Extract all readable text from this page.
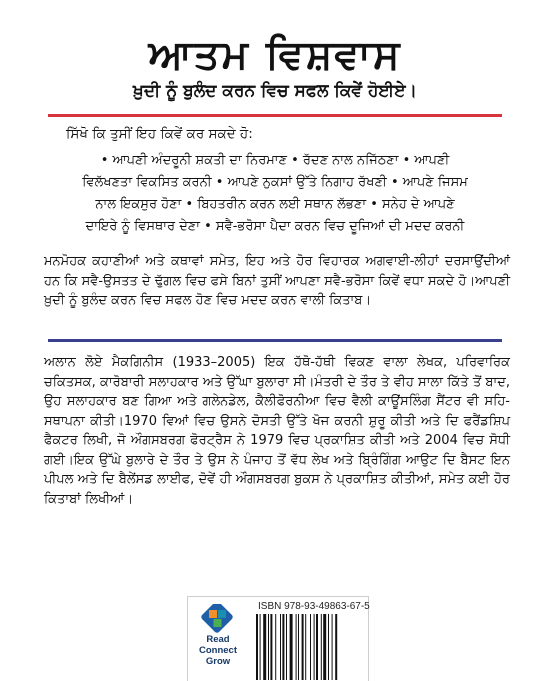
ਆਤਮ ਵਿਸ਼ਵਾਸ
ਖ਼ੁਦੀ ਨੂੰ ਬੁਲੰਦ ਕਰਨ ਵਿਚ ਸਫਲ ਕਿਵੇਂ ਹੋਈਏ।
ਸਿੱਖੋ ਕਿ ਤੁਸੀਂ ਇਹ ਕਿਵੇਂ ਕਰ ਸਕਦੇ ਹੋ:
• ਆਪਣੀ ਅੰਦਰੂਨੀ ਸ਼ਕਤੀ ਦਾ ਨਿਰਮਾਣ • ਰੱਦਣ ਨਾਲ ਨਜਿੱਠਣਾ • ਆਪਣੀ
ਵਿਲੱਖਣਤਾ ਵਿਕਸਿਤ ਕਰਨੀ • ਆਪਣੇ ਨੁਕਸਾਂ ਉੱਤੇ ਨਿਗਾਹ ਰੱਖਣੀ • ਆਪਣੇ ਜਿਸਮ
ਨਾਲ ਇਕਸੁਰ ਹੋਣਾ • ਬਿਹਤਰੀਨ ਕਰਨ ਲਈ ਸਥਾਨ ਲੱਭਣਾ • ਸਨੇਹ ਦੇ ਆਪਣੇ
ਦਾਇਰੇ ਨੂੰ ਵਿਸਥਾਰ ਦੇਣਾ • ਸਵੈ-ਭਰੋਸਾ ਪੈਦਾ ਕਰਨ ਵਿਚ ਦੂਜਿਆਂ ਦੀ ਮਦਦ ਕਰਨੀ
ਮਨਮੋਹਕ ਕਹਾਣੀਆਂ ਅਤੇ ਕਥਾਵਾਂ ਸਮੇਤ, ਇਹ ਅਤੇ ਹੋਰ ਵਿਹਾਰਕ ਅਗਵਾਈ-ਲੀਹਾਂ ਦਰਸਾਉਂਦੀਆਂ ਹਨ ਕਿ ਸਵੈ-ਉਸਤਤ ਦੇ ਢੁੱਗਲ ਵਿਚ ਫਸੇ ਬਿਨਾਂ ਤੁਸੀਂ ਆਪਣਾ ਸਵੈ-ਭਰੋਸਾ ਕਿਵੇਂ ਵਧਾ ਸਕਦੇ ਹੋ।ਆਪਣੀ ਖ਼ੁਦੀ ਨੂੰ ਬੁਲੰਦ ਕਰਨ ਵਿਚ ਸਫਲ ਹੋਣ ਵਿਚ ਮਦਦ ਕਰਨ ਵਾਲੀ ਕਿਤਾਬ।
ਅਲਾਨ ਲੋਏ ਮੈਕਗਿਨੀਸ (1933–2005) ਇਕ ਹੱਥੋ-ਹੱਥੀ ਵਿਕਣ ਵਾਲਾ ਲੇਖਕ, ਪਰਿਵਾਰਿਕ ਚਕਿਤਸਕ, ਕਾਰੋਬਾਰੀ ਸਲਾਹਕਾਰ ਅਤੇ ਉੱਘਾ ਬੁਲਾਰਾ ਸੀ।ਮੰਤਰੀ ਦੇ ਤੌਰ ਤੇ ਵੀਹ ਸਾਲਾ ਕਿੱਤੇ ਤੋਂ ਬਾਦ, ਉਹ ਸਲਾਹਕਾਰ ਬਣ ਗਿਆ ਅਤੇ ਗਲੇਨਡੇਲ, ਕੈਲੀਫੋਰਨੀਆ ਵਿਚ ਵੈਲੀ ਕਾਊਂਸਲਿੰਗ ਸੈਂਟਰ ਵੀ ਸਹਿ-ਸਥਾਪਨਾ ਕੀਤੀ।1970 ਵਿਆਂ ਵਿਚ ਉਸਨੇ ਦੋਸਤੀ ਉੱਤੇ ਖੋਜ ਕਰਨੀ ਸ਼ੁਰੂ ਕੀਤੀ ਅਤੇ ਦਿ ਫਰੈਂਡਸ਼ਿਪ ਫੈਕਟਰ ਲਿਖੀ, ਜੋ ਔਗਸਬਰਗ ਫੋਰਟ੍ਰੈਸ ਨੇ 1979 ਵਿਚ ਪ੍ਰਕਾਸ਼ਿਤ ਕੀਤੀ ਅਤੇ 2004 ਵਿਚ ਸੋਧੀ ਗਈ।ਇਕ ਉੱਘੇ ਬੁਲਾਰੇ ਦੇ ਤੌਰ ਤੇ ਉਸ ਨੇ ਪੰਜਾਹ ਤੋਂ ਵੱਧ ਲੇਖ ਅਤੇ ਬ੍ਰਿੰਗਿੰਗ ਆਉਟ ਦਿ ਬੈਸਟ ਇਨ ਪੀਪਲ ਅਤੇ ਦਿ ਬੈਲੇਂਸਡ ਲਾਈਫ, ਦੋਵੇਂ ਹੀ ਔਗਸਬਰਗ ਬੁਕਸ ਨੇ ਪ੍ਰਕਾਸ਼ਿਤ ਕੀਤੀਆਂ, ਸਮੇਤ ਕਈ ਹੋਰ ਕਿਤਾਬਾਂ ਲਿਖੀਆਂ।
Read
Connect
Grow
ISBN 978-93-49863-67-5
